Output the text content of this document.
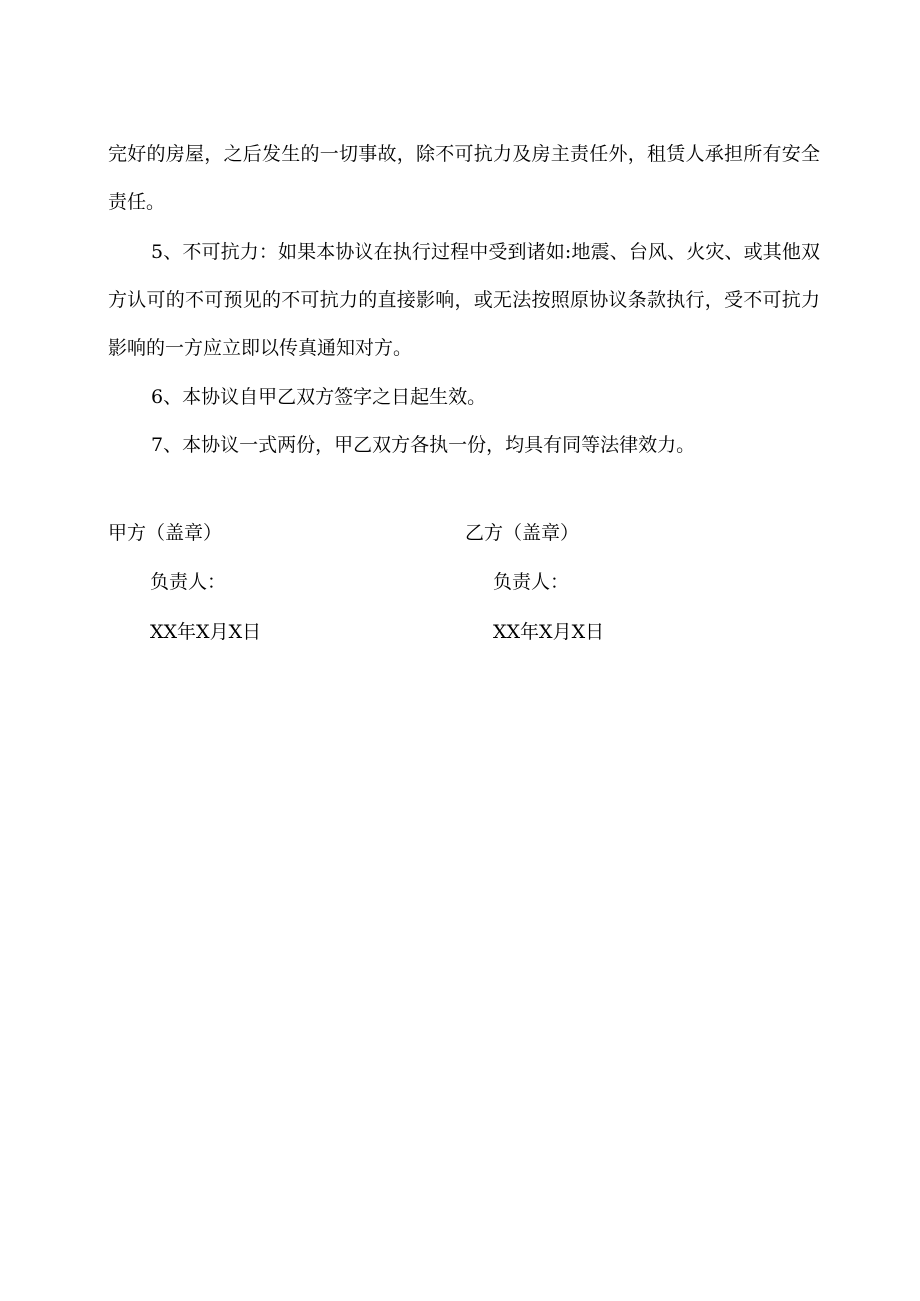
完好的房屋，之后发生的一切事故，除不可抗力及房主责任外，租赁人承担所有安全责任。

5、不可抗力：如果本协议在执行过程中受到诸如:地震、台风、火灾、或其他双方认可的不可预见的不可抗力的直接影响，或无法按照原协议条款执行，受不可抗力影响的一方应立即以传真通知对方。

6、本协议自甲乙双方签字之日起生效。

7、本协议一式两份，甲乙双方各执一份，均具有同等法律效力。

甲方（盖章）
负责人：
XX年X月X日
乙方（盖章）
负责人：
XX年X月X日
